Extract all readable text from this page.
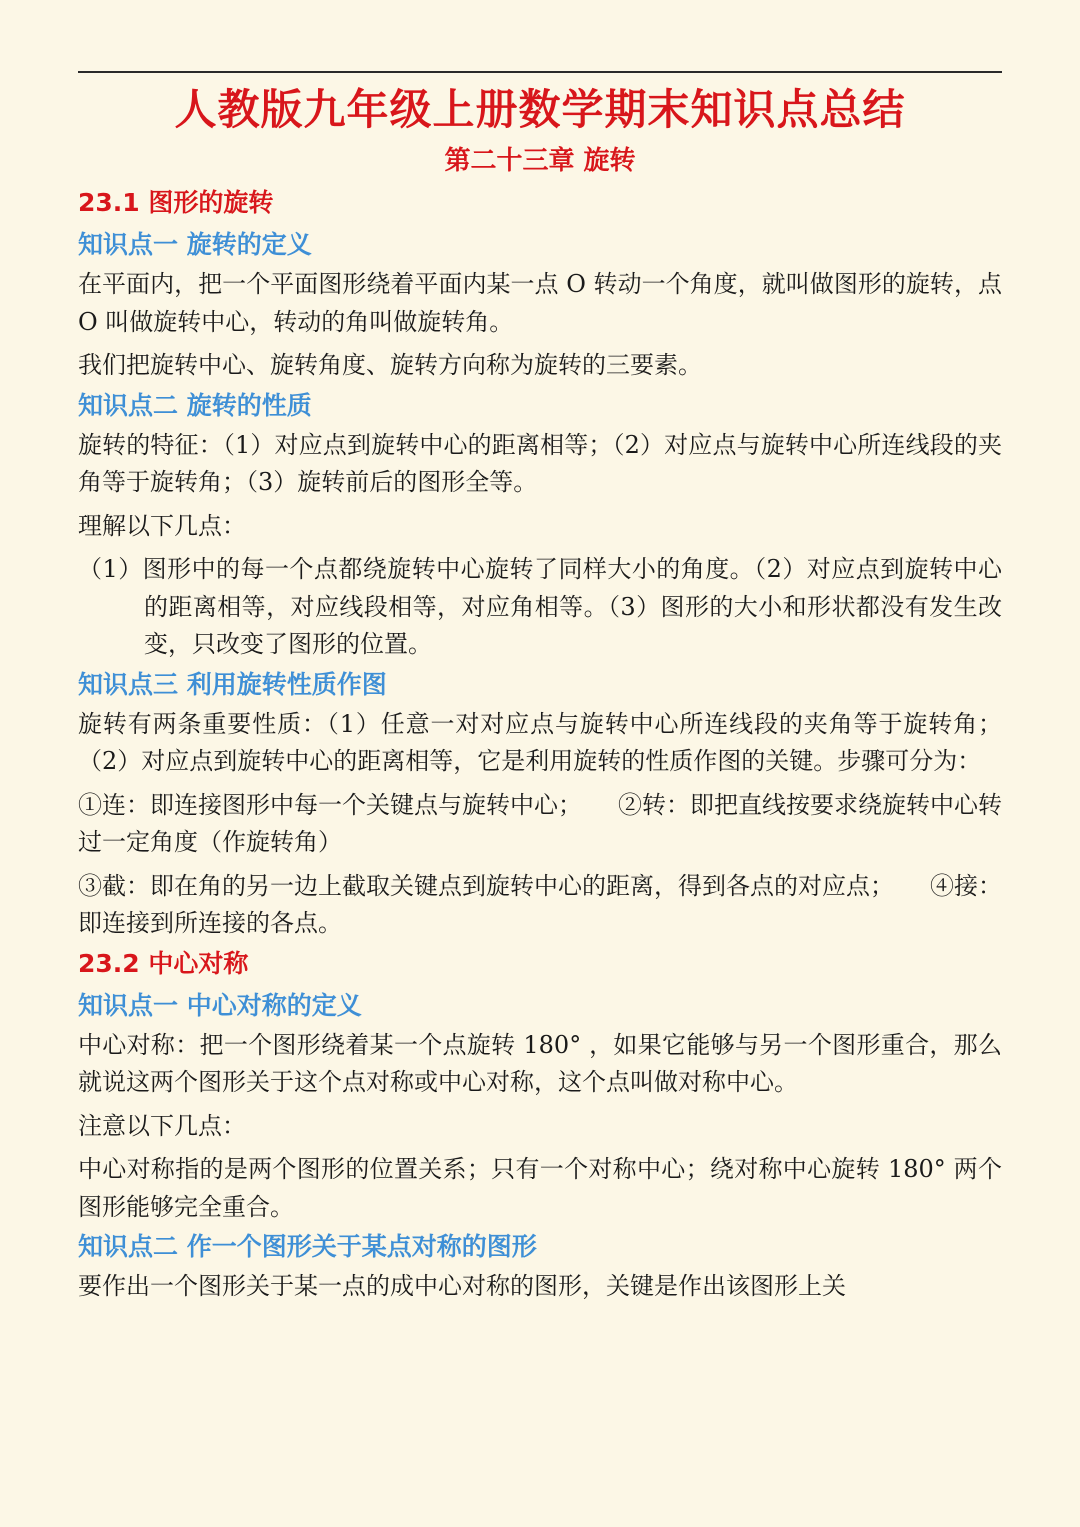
人教版九年级上册数学期末知识点总结
第二十三章 旋转
23.1 图形的旋转
知识点一 旋转的定义

在平面内，把一个平面图形绕着平面内某一点 O 转动一个角度，就叫做图形的旋转，点 O 叫做旋转中心，转动的角叫做旋转角。

我们把旋转中心、旋转角度、旋转方向称为旋转的三要素。

知识点二 旋转的性质

旋转的特征：（1）对应点到旋转中心的距离相等；（2）对应点与旋转中心所连线段的夹角等于旋转角；（3）旋转前后的图形全等。

理解以下几点：

（1）图形中的每一个点都绕旋转中心旋转了同样大小的角度。（2）对应点到旋转中心的距离相等，对应线段相等，对应角相等。（3）图形的大小和形状都没有发生改变，只改变了图形的位置。

知识点三 利用旋转性质作图

旋转有两条重要性质：（1）任意一对对应点与旋转中心所连线段的夹角等于旋转角；（2）对应点到旋转中心的距离相等，它是利用旋转的性质作图的关键。步骤可分为：

①连：即连接图形中每一个关键点与旋转中心；　　②转：即把直线按要求绕旋转中心转过一定角度（作旋转角）

③截：即在角的另一边上截取关键点到旋转中心的距离，得到各点的对应点；　　④接：即连接到所连接的各点。

23.2 中心对称
知识点一 中心对称的定义

中心对称：把一个图形绕着某一个点旋转 180° ，如果它能够与另一个图形重合，那么就说这两个图形关于这个点对称或中心对称，这个点叫做对称中心。

注意以下几点：

中心对称指的是两个图形的位置关系；只有一个对称中心；绕对称中心旋转 180° 两个图形能够完全重合。

知识点二 作一个图形关于某点对称的图形

要作出一个图形关于某一点的成中心对称的图形，关键是作出该图形上关
